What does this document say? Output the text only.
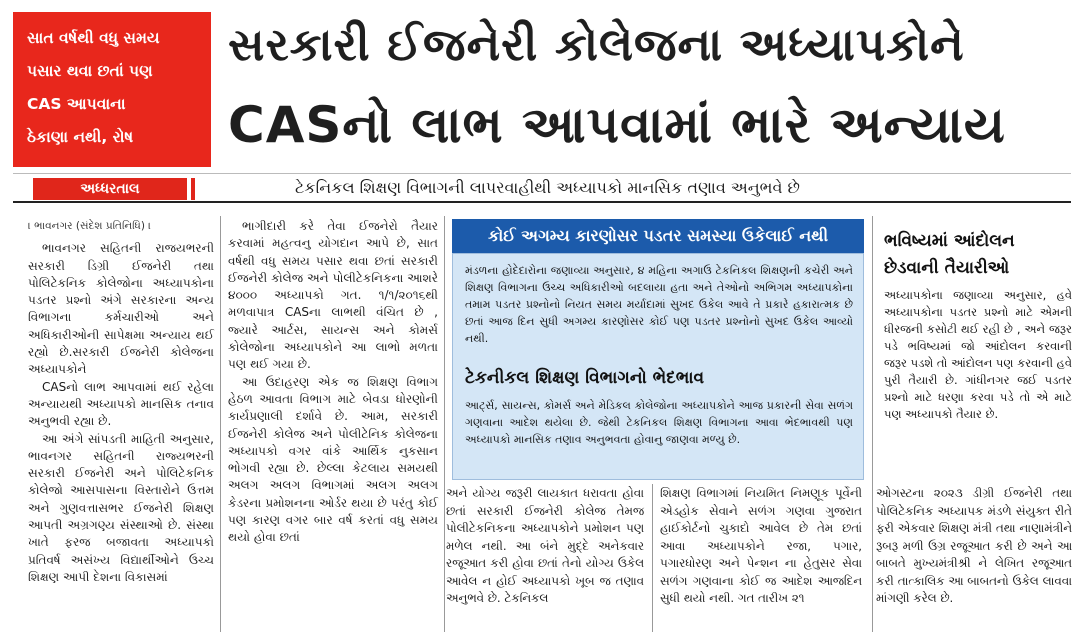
સાત વર્ષથી વધુ સમય
પસાર થવા છતાં પણ
CAS આપવાના
ઠેકાણા નથી, રોષ
સરકારી ઈજનેરી કોલેજના અધ્યાપકોને
CASનો લાભ આપવામાં ભારે અન્યાય
અધ્ધરતાલ	ટેકનિકલ શિક્ષણ વિભાગની લાપરવાહીથી અધ્યાપકો માનસિક તણાવ અનુભવે છે

। ભાવનગર (સંદેશ પ્રતિનિધિ) ।

ભાવનગર સહિતની રાજયભરની સરકારી ડિગ્રી ઈજનેરી તથા પોલિટેકનિક કોલેજોના અધ્યાપકોના પડતર પ્રશ્નો અંગે સરકારના અન્ય વિભાગના કર્મચારીઓ અને અધિકારીઓની સાપેક્ષમા અન્યાય થઈ રહ્યો છે.સરકારી ઈજનેરી કોલેજના અધ્યાપકોને

CASનો લાભ આપવામાં થઈ રહેલા અન્યાયથી અધ્યાપકો માનસિક તનાવ અનુભવી રહ્યા છે.

આ અંગે સાંપડતી માહિતી અનુસાર, ભાવનગર સહિતની રાજ્યભરની સરકારી ઈજનેરી અને પોલિટેકનિક કોલેજો આસપાસના વિસ્તારોને ઉત્તમ અને ગુણવત્તાસભર ઈજનેરી શિક્ષણ આપતી અગ્રગણ્ય સંસ્થાઓ છે. સંસ્થા ખાતે ફરજ બજાવતા અધ્યાપકો પ્રતિવર્ષ અસંખ્ય વિદ્યાર્થીઓને ઉચ્ચ શિક્ષણ આપી દેશના વિકાસમાં

ભાગીદારી કરે તેવા ઈજનેરો તૈયાર કરવામાં મહત્વનુ યોગદાન આપે છે, સાત વર્ષથી વધુ સમય પસાર થવા છતાં સરકારી ઈજનેરી કોલેજ અને પોલીટેકનિકના આશરે ૪૦૦૦ અધ્યાપકો ગત. ૧/૧/૨૦૧૬થી મળવાપાત્ર CASના લાભથી વંચિત છે , જ્યારે આર્ટસ, સાયન્સ અને કોમર્સ કોલેજોના અધ્યાપકોને આ લાભો મળતા પણ થઈ ગયા છે.

આ ઉદાહરણ એક જ શિક્ષણ વિભાગ હેઠળ આવતા વિભાગ માટે બેવડા ધોરણોની કાર્યપ્રણાલી દર્શાવે છે. આમ, સરકારી ઈજનેરી કોલેજ અને પોલીટેનિક કોલેજના અધ્યાપકો વગર વાંકે આર્થિક નુકસાન ભોગવી રહ્યા છે. છેલ્લા કેટલાય સમયથી અલગ અલગ વિભાગમાં અલગ અલગ કેડરના પ્રમોશનના ઓર્ડર થયા છે પરંતુ કોઈ પણ કારણ વગર બાર વર્ષ કરતાં વધુ સમય થયો હોવા છતાં

કોઈ અગમ્ય કારણોસર પડતર સમસ્યા ઉકેલાઈ નથી
મંડળના હોદેદારોના જણાવ્યા અનુસાર, ૪ મહિના અગાઉ ટેકનિકલ શિક્ષણની કચેરી અને શિક્ષણ વિભાગના ઉચ્ચ અધિકારીઓ બદલાયા હતા અને તેઓનો અભિગમ અધ્યાપકોના તમામ પડતર પ્રશ્નોનો નિયત સમય મર્યાદામાં સુખદ ઉકેલ આવે તે પ્રકારે હકારાત્મક છે છતાં આજ દિન સુધી અગમ્ય કારણોસર કોઈ પણ પડતર પ્રશ્નોનો સુખદ ઉકેલ આવ્યો નથી.
ટેકનીકલ શિક્ષણ વિભાગનો ભેદભાવ
આર્ટ્સ, સાયન્સ, કોમર્સ અને મેડિકલ કોલેજોના અધ્યાપકોને આજ પ્રકારની સેવા સળંગ ગણવાના આદેશ થયેલા છે. જેથી ટેકનિકલ શિક્ષણ વિભાગના આવા ભેદભાવથી પણ અધ્યાપકો માનસિક તણાવ અનુભવતા હોવાનુ જાણવા મળ્યુ છે.
ભવિષ્યમાં આંદોલન છેડવાની તૈયારીઓ
અધ્યાપકોના જણાવ્યા અનુસાર, હવે અધ્યાપકોના પડતર પ્રશ્નો માટે એમની ધીરજની કસોટી થઈ રહી છે , અને જરૂર પડે ભવિષ્યમાં જો આંદોલન કરવાની જરૂર પડશે તો આંદોલન પણ કરવાની હવે પુરી તૈયારી છે. ગાંધીનગર જઈ પડતર પ્રશ્નો માટે ધરણા કરવા પડે તો એ માટે પણ અધ્યાપકો તૈયાર છે.
અને યોગ્ય જરૂરી લાયકાત ધરાવતા હોવા છતાં સરકારી ઈજનેરી કોલેજ તેમજ પોલીટેકનિકના અધ્યાપકોને પ્રમોશન પણ મળેલ નથી. આ બંને મુદ્દે અનેકવાર રજૂઆત કરી હોવા છતાં તેનો યોગ્ય ઉકેલ આવેલ ન હોઈ અધ્યાપકો ખૂબ જ તણાવ અનુભવે છે. ટેકનિકલ
શિક્ષણ વિભાગમાં નિયમિત નિમણૂક પૂર્વેની એડહોક સેવાને સળંગ ગણવા ગુજરાત હાઈકોર્ટનો ચુકાદો આવેલ છે તેમ છતાં આવા અધ્યાપકોને રજા, પગાર, પગારધોરણ અને પેન્શન ના હેતુસર સેવા સળંગ ગણવાના કોઈ જ આદેશ આજદિન સુધી થયો નથી. ગત તારીખ ૨૧
ઓગસ્ટના ૨૦૨૩ ડીગ્રી ઈજનેરી તથા પોલિટેકનિક અધ્યાપક મંડળે સંયુક્ત રીતે ફરી એકવાર શિક્ષણ મંત્રી તથા નાણામંત્રીને રૂબરૂ મળી ઉગ્ર રજૂઆત કરી છે અને આ બાબતે મુખ્યમંત્રીશ્રી ને લેખિત રજૂઆત કરી તાત્કાલિક આ બાબતનો ઉકેલ લાવવા માંગણી કરેલ છે.
